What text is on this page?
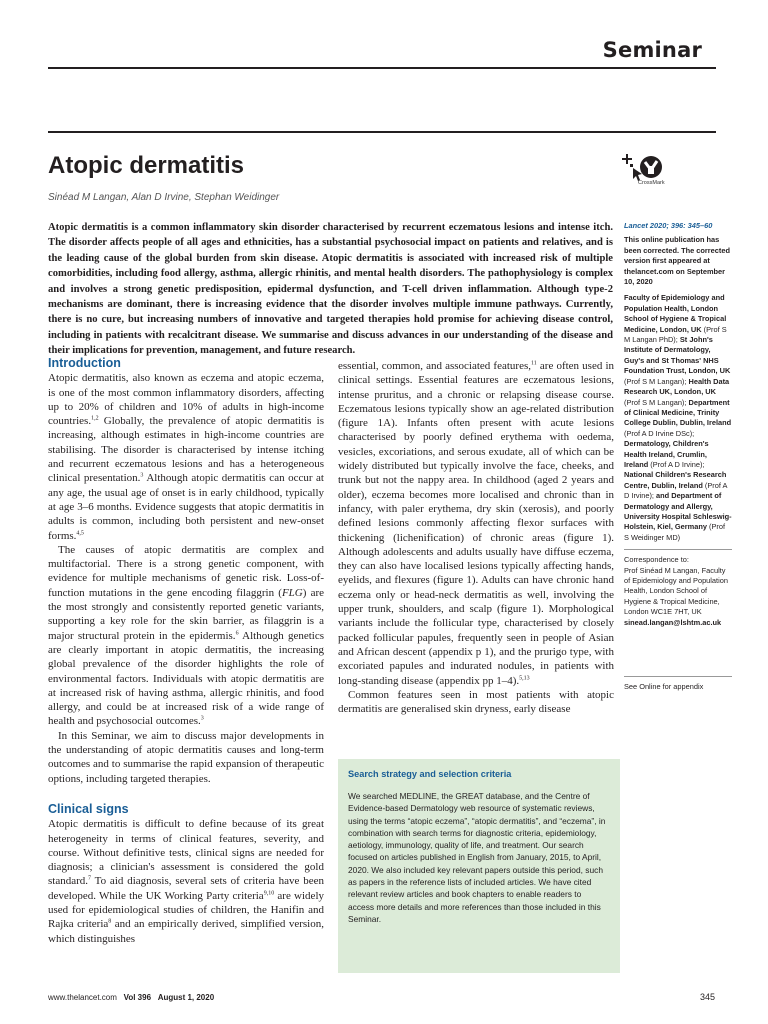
Seminar
Atopic dermatitis
Sinéad M Langan, Alan D Irvine, Stephan Weidinger
CrossMark
Atopic dermatitis is a common inflammatory skin disorder characterised by recurrent eczematous lesions and intense itch. The disorder affects people of all ages and ethnicities, has a substantial psychosocial impact on patients and relatives, and is the leading cause of the global burden from skin disease. Atopic dermatitis is associated with increased risk of multiple comorbidities, including food allergy, asthma, allergic rhinitis, and mental health disorders. The pathophysiology is complex and involves a strong genetic predisposition, epidermal dysfunction, and T-cell driven inflammation. Although type-2 mechanisms are dominant, there is increasing evidence that the disorder involves multiple immune pathways. Currently, there is no cure, but increasing numbers of innovative and targeted therapies hold promise for achieving disease control, including in patients with recalcitrant disease. We summarise and discuss advances in our understanding of the disease and their implications for prevention, management, and future research.
Introduction

Atopic dermatitis, also known as eczema and atopic eczema, is one of the most common inflammatory disorders, affecting up to 20% of children and 10% of adults in high-income countries.$^{1,2}$ Globally, the prevalence of atopic dermatitis is increasing, although estimates in high-income countries are stabilising. The disorder is characterised by intense itching and recurrent eczematous lesions and has a heterogeneous clinical presentation.$^3$ Although atopic dermatitis can occur at any age, the usual age of onset is in early childhood, typically at age 3–6 months. Evidence suggests that atopic dermatitis in adults is common, including both persistent and new-onset forms.$^{4,5}$

The causes of atopic dermatitis are complex and multifactorial. There is a strong genetic component, with evidence for multiple mechanisms of genetic risk. Loss-of-function mutations in the gene encoding filaggrin (FLG) are the most strongly and consistently reported genetic variants, supporting a key role for the skin barrier, as filaggrin is a major structural protein in the epidermis.$^6$ Although genetics are clearly important in atopic dermatitis, the increasing global prevalence of the disorder highlights the role of environmental factors. Individuals with atopic dermatitis are at increased risk of having asthma, allergic rhinitis, and food allergy, and could be at increased risk of a wide range of health and psychosocial outcomes.$^3$

In this Seminar, we aim to discuss major developments in the understanding of atopic dermatitis causes and long-term outcomes and to summarise the rapid expansion of therapeutic options, including targeted therapies.

Clinical signs

Atopic dermatitis is difficult to define because of its great heterogeneity in terms of clinical features, severity, and course. Without definitive tests, clinical signs are needed for diagnosis; a clinician's assessment is considered the gold standard.$^7$ To aid diagnosis, several sets of criteria have been developed. While the UK Working Party criteria$^{9,10}$ are widely used for epidemiological studies of children, the Hanifin and Rajka criteria$^8$ and an empirically derived, simplified version, which distinguishes

essential, common, and associated features,$^{11}$ are often used in clinical settings. Essential features are eczematous lesions, intense pruritus, and a chronic or relapsing disease course. Eczematous lesions typically show an age-related distribution (figure 1A). Infants often present with acute lesions characterised by poorly defined erythema with oedema, vesicles, excoriations, and serous exudate, all of which can be widely distributed but typically involve the face, cheeks, and trunk but not the nappy area. In childhood (aged 2 years and older), eczema becomes more localised and chronic than in infancy, with paler erythema, dry skin (xerosis), and poorly defined lesions commonly affecting flexor surfaces with thickening (lichenification) of chronic areas (figure 1). Although adolescents and adults usually have diffuse eczema, they can also have localised lesions typically affecting hands, eyelids, and flexures (figure 1). Adults can have chronic hand eczema only or head-neck dermatitis as well, involving the upper trunk, shoulders, and scalp (figure 1). Morphological variants include the follicular type, characterised by closely packed follicular papules, frequently seen in people of Asian and African descent (appendix p 1), and the prurigo type, with excoriated papules and indurated nodules, in patients with long-standing disease (appendix pp 1–4).$^{5,13}$

Common features seen in most patients with atopic dermatitis are generalised skin dryness, early disease

Search strategy and selection criteria

We searched MEDLINE, the GREAT database, and the Centre of Evidence-based Dermatology web resource of systematic reviews, using the terms “atopic eczema”, “atopic dermatitis”, and “eczema”, in combination with search terms for diagnostic criteria, epidemiology, aetiology, immunology, quality of life, and treatment. Our search focused on articles published in English from January, 2015, to April, 2020. We also included key relevant papers outside this period, such as papers in the reference lists of included articles. We have cited relevant review articles and book chapters to enable readers to access more details and more references than those included in this Seminar.

Lancet 2020; 396: 345–60
This online publication has been corrected. The corrected version first appeared at thelancet.com on September 10, 2020
Faculty of Epidemiology and Population Health, London School of Hygiene & Tropical Medicine, London, UK (Prof S M Langan PhD); St John's Institute of Dermatology, Guy's and St Thomas' NHS Foundation Trust, London, UK (Prof S M Langan); Health Data Research UK, London, UK (Prof S M Langan); Department of Clinical Medicine, Trinity College Dublin, Dublin, Ireland (Prof A D Irvine DSc); Dermatology, Children's Health Ireland, Crumlin, Ireland (Prof A D Irvine); National Children's Research Centre, Dublin, Ireland (Prof A D Irvine); and Department of Dermatology and Allergy, University Hospital Schleswig-Holstein, Kiel, Germany (Prof S Weidinger MD)
Correspondence to:
Prof Sinéad M Langan, Faculty of Epidemiology and Population Health, London School of Hygiene & Tropical Medicine, London WC1E 7HT, UK
sinead.langan@lshtm.ac.uk
See Online for appendix
www.thelancet.com Vol 396 August 1, 2020	345
